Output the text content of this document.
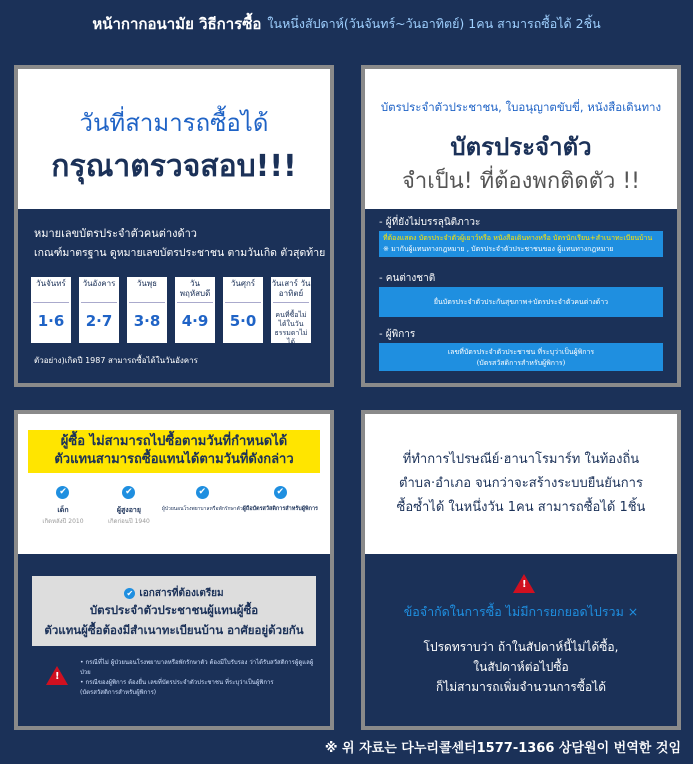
หน้ากากอนามัย วิธีการซื้อ ในหนึ่งสัปดาห์(วันจันทร์~วันอาทิตย์) 1คน สามารถซื้อได้ 2ชิ้น
วันที่สามารถซื้อได้
กรุณาตรวจสอบ!!!
หมายเลขบัตรประจำตัวคนต่างด้าว
เกณฑ์มาตรฐาน ดูหมายเลขบัตรประชาชน ตามวันเกิด ตัวสุดท้าย
วันจันทร์
1·6
วันอังคาร
2·7
วันพุธ
3·8
วันพฤหัสบดี
4·9
วันศุกร์
5·0
วันเสาร์ วันอาทิตย์
คนที่ซื้อไม่ได้ในวันธรรมดาไม่ได้
ตัวอย่าง)เกิดปี 1987 สามารถซื้อได้ในวันอังคาร
บัตรประจำตัวประชาชน, ใบอนุญาตขับขี่, หนังสือเดินทาง
บัตรประจำตัว
จำเป็น! ที่ต้องพกติดตัว !!
- ผู้ที่ยังไม่บรรลุนิติภาวะ
ที่ต้องแสดง บัตรประจำตัวผู้เยาว์หรือ หนังสือเดินทางหรือ บัตรนักเรียน+สำเนาทะเบียนบ้าน
※ มากับผู้แทนทางกฎหมาย , บัตรประจำตัวประชาชนของ ผู้แทนทางกฎหมาย
- คนต่างชาติ
ยื่นบัตรประจำตัวประกันสุขภาพ+บัตรประจำตัวคนต่างด้าว
- ผู้พิการ
เลขที่บัตรประจำตัวประชาชน ที่ระบุว่าเป็นผู้พิการ
(บัตรสวัสดิการสำหรับผู้พิการ)
ผู้ซื้อ ไม่สามารถไปซื้อตามวันที่กำหนดได้
ตัวแทนสามารถซื้อแทนได้ตามวันที่ดังกล่าว
✔
เด็ก
เกิดหลังปี 2010
✔
ผู้สูงอายุ
เกิดก่อนปี 1940
✔
ผู้ป่วยนอนโรงพยาบาลหรือพักรักษาตัว
✔
ผู้ถือบัตรสวัสดิการสำหรับผู้พิการ
✔ เอกสารที่ต้องเตรียม
บัตรประจำตัวประชาชนผู้แทนผู้ซื้อ
ตัวแทนผู้ซื้อต้องมีสำเนาทะเบียนบ้าน อาศัยอยู่ด้วยกัน
!
• กรณีที่ไม่ ผู้ป่วยนอนโรงพยาบาลหรือพักรักษาตัว ต้องมีใบรับรอง ว่าได้รับสวัสดิการผู้ดูแลผู้ป่วย
• กรณีของผู้พิการ ต้องยื่น เลขที่บัตรประจำตัวประชาชน ที่ระบุว่าเป็นผู้พิการ
(บัตรสวัสดิการสำหรับผู้พิการ)
ที่ทำการไปรษณีย์·ฮานาโรมาร์ท ในท้องถิ่น
ตำบล·อำเภอ จนกว่าจะสร้างระบบยืนยันการ
ซื้อซ้ำได้ ในหนึ่งวัน 1คน สามารถซื้อได้ 1ชิ้น
!
ข้อจำกัดในการซื้อ ไม่มีการยกยอดไปรวม ×
โปรดทราบว่า ถ้าในสัปดาห์นี้ไม่ได้ซื้อ,
ในสัปดาห์ต่อไปซื้อ
ก็ไม่สามารถเพิ่มจำนวนการซื้อได้
※ 위 자료는 다누리콜센터1577-1366 상담원이 번역한 것임
